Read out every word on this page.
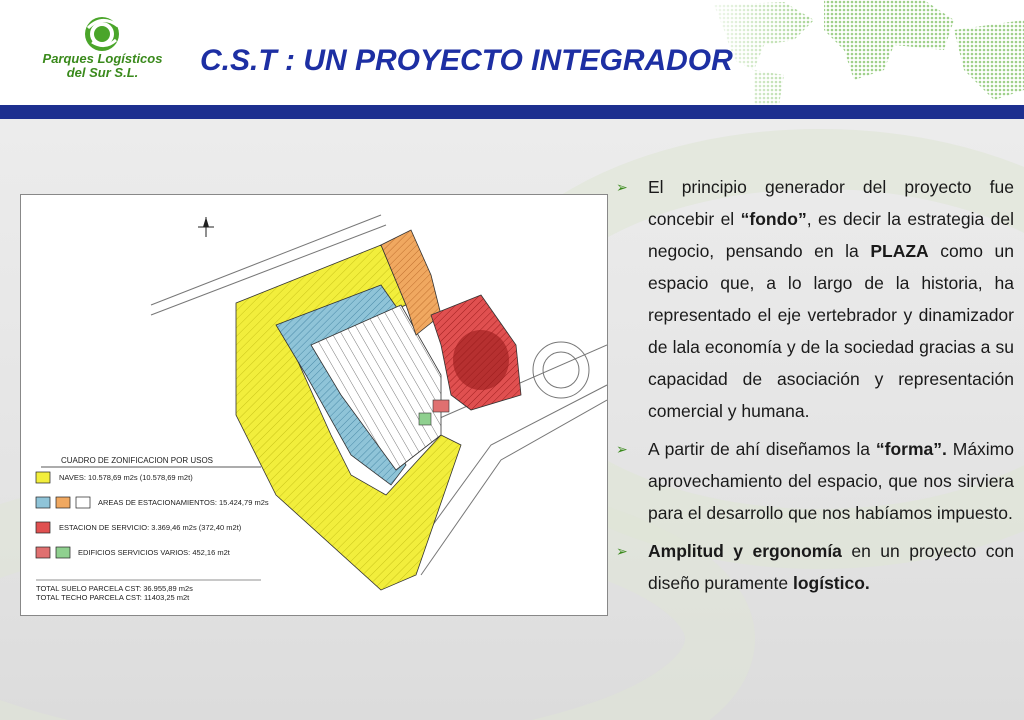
Parques Logísticos
del Sur S.L.	C.S.T : UN PROYECTO INTEGRADOR
CUADRO DE ZONIFICACION POR USOS
NAVES: 10.578,69 m2s (10.578,69 m2t)
AREAS DE ESTACIONAMIENTOS: 15.424,79 m2s
ESTACION DE SERVICIO: 3.369,46 m2s (372,40 m2t)
EDIFICIOS SERVICIOS VARIOS: 452,16 m2t
TOTAL SUELO PARCELA CST: 36.955,89 m2s
TOTAL TECHO PARCELA CST: 11403,25 m2t
➢ El principio generador del proyecto fue concebir el “fondo”, es decir la estrategia del negocio, pensando en la PLAZA como un espacio que, a lo largo de la historia, ha representado el eje vertebrador y dinamizador de lala economía y de la sociedad gracias a su capacidad de asociación y representación comercial y humana.
➢ A partir de ahí diseñamos la “forma”. Máximo aprovechamiento del espacio, que nos sirviera para el desarrollo que nos habíamos impuesto.
➢ Amplitud y ergonomía en un proyecto con diseño puramente logístico.
